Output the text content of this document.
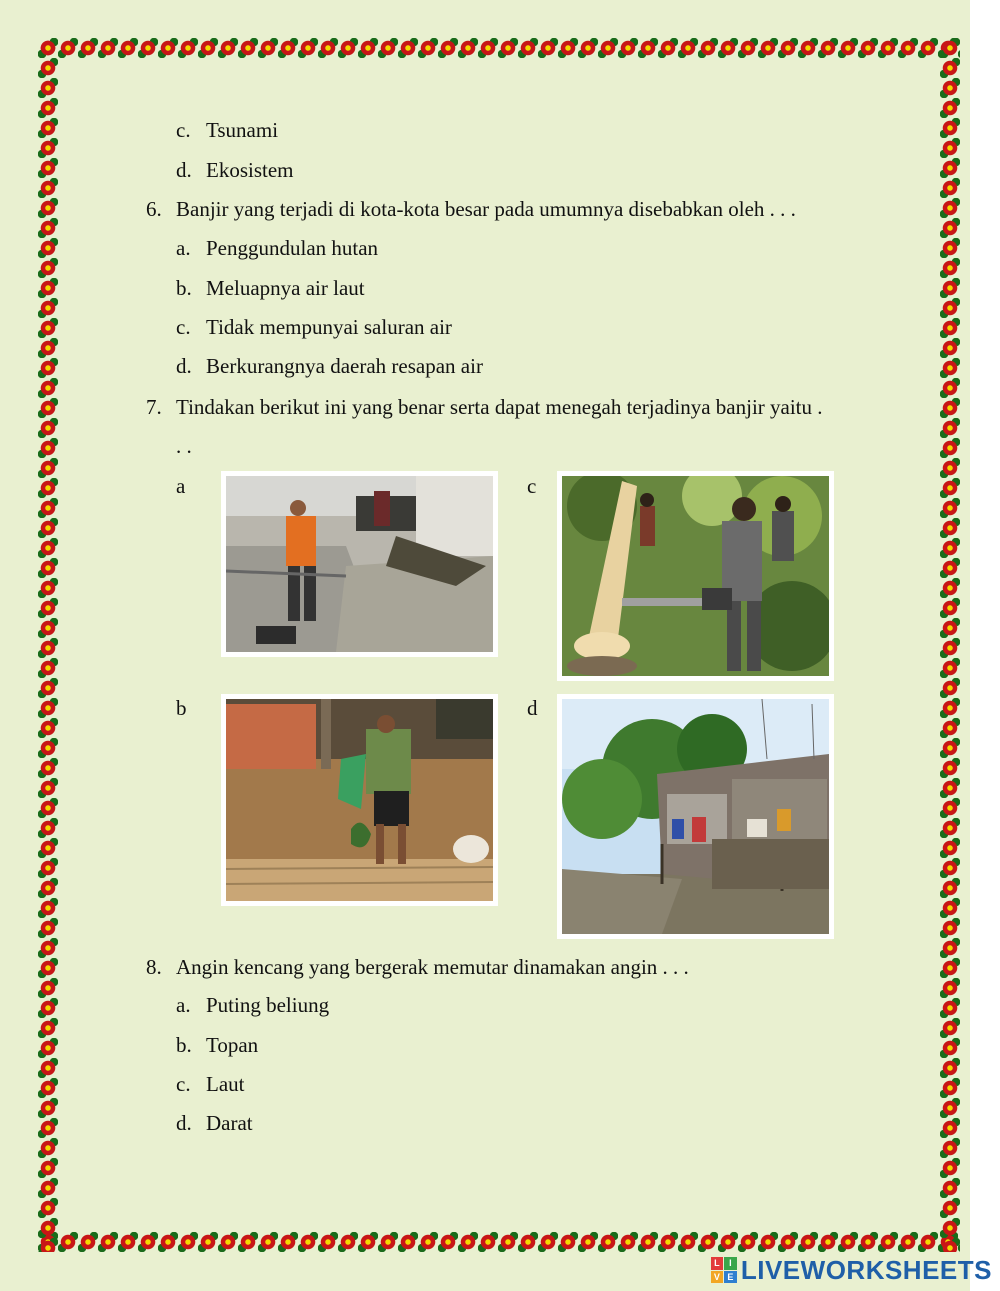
c. Tsunami
d. Ekosistem
6. Banjir yang terjadi di kota-kota besar pada umumnya disebabkan oleh . . .
a. Penggundulan hutan
b. Meluapnya air laut
c. Tidak mempunyai saluran air
d. Berkurangnya daerah resapan air
7. Tindakan berikut ini yang benar serta dapat menegah terjadinya banjir yaitu .
. .
a
b
c
d
8. Angin kencang yang bergerak memutar dinamakan angin . . .
a. Puting beliung
b. Topan
c. Laut
d. Darat
L I
V E LIVEWORKSHEETS
